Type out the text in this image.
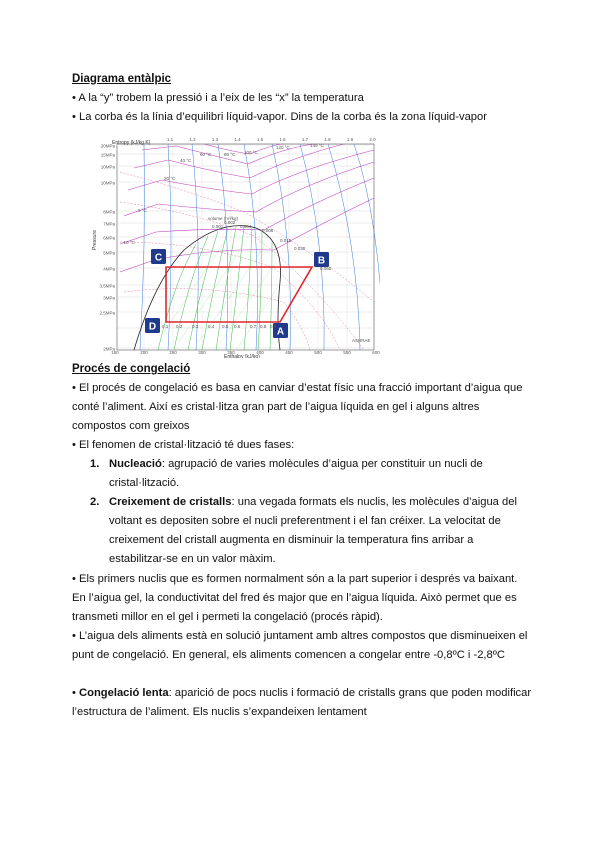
Diagrama entàlpic
• A la “y” trobem la pressió i a l’eix de les “x” la temperatura
• La corba és la línia d’equilibri líquid-vapor. Dins de la corba és la zona líquid-vapor
C	B
D	A
Entropy (kJ/kg.K)
Pressure
Enthalpy (kJ/kg)
ASHRAE
volume (m³/kg)
20MPa
15MPa
10MPa
10MPa
8MPa
7MPa
6MPa
5MPa
4MPa
3.5MPa
3MPa
2.5MPa
2MPa
150	200	250	300	350	400	450	500	550	600
1.1	1.2	1.3	1.4	1.5	1.6	1.7	1.8	1.9	2.0
140 °C
120 °C
100 °C
80 °C
60 °C
40 °C
20 °C
0 °C
-10 °C
0.9
0.8
0.7
0.6
0.5
0.4
0.3
0.2
0.1
0.001
0.002
0.004
0.008
0.016
0.030
0.060
Procés de congelació
• El procés de congelació es basa en canviar d’estat físic una fracció important d’aigua que
conté l’aliment. Així es cristal·litza gran part de l’aigua líquida en gel i alguns altres
compostos com greixos
• El fenomen de cristal·lització té dues fases:
1. Nucleació: agrupació de varies molècules d’aigua per constituir un nucli de
cristal·lització.
2. Creixement de cristalls: una vegada formats els nuclis, les molècules d’aigua del
voltant es depositen sobre el nucli preferentment i el fan créixer. La velocitat de
creixement del cristall augmenta en disminuir la temperatura fins arribar a
estabilitzar-se en un valor màxim.
• Els primers nuclis que es formen normalment són a la part superior i després va baixant.
En l’aigua gel, la conductivitat del fred és major que en l’aigua líquida. Això permet que es
transmeti millor en el gel i permeti la congelació (procés ràpid).
• L’aigua dels aliments està en solució juntament amb altres compostos que disminueixen el
punt de congelació. En general, els aliments comencen a congelar entre -0,8ºC i -2,8ºC
• Congelació lenta: aparició de pocs nuclis i formació de cristalls grans que poden modificar
l’estructura de l’aliment. Els nuclis s’expandeixen lentament
